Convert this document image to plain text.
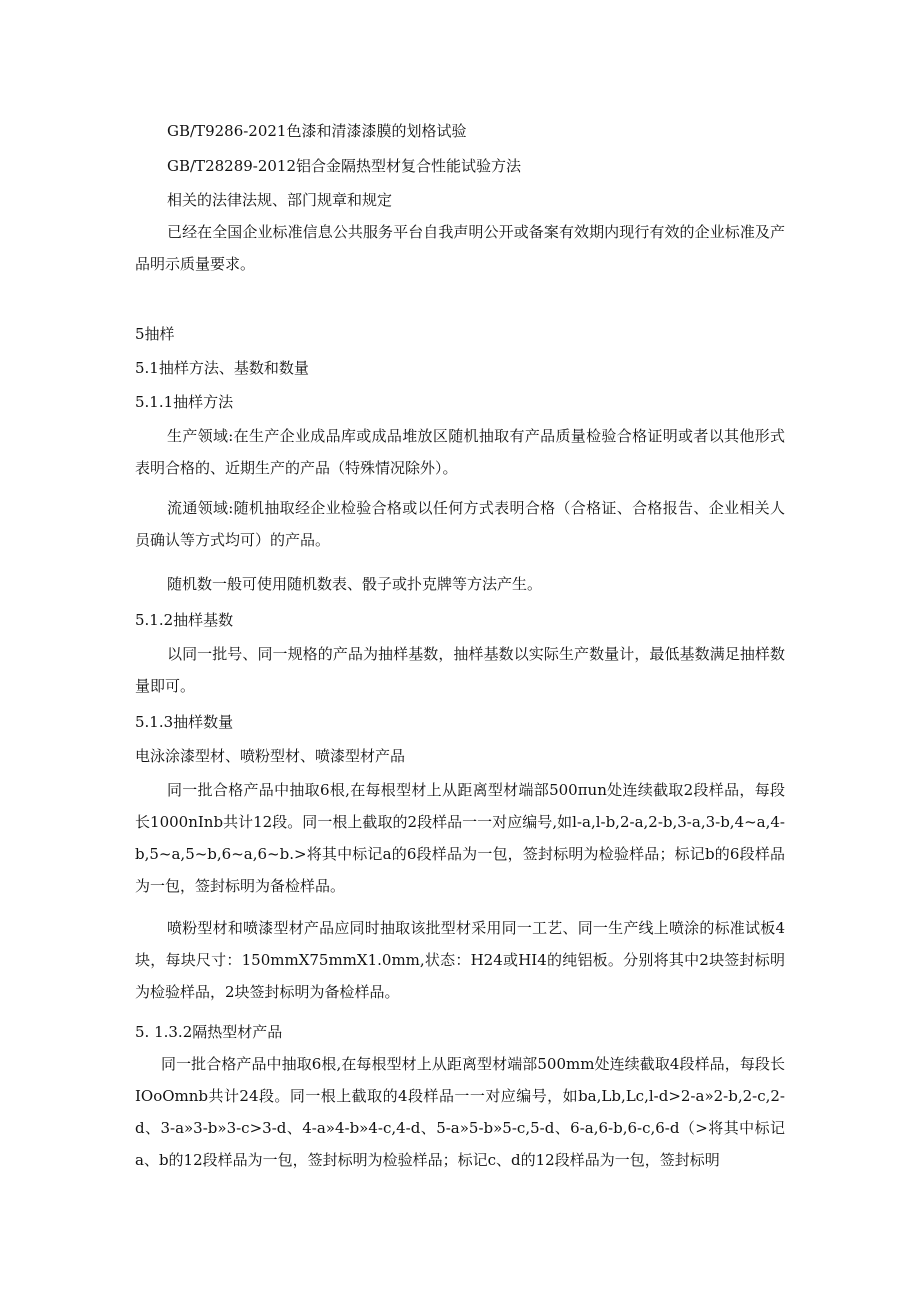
GB/T9286-2021色漆和清漆漆膜的划格试验

GB/T28289-2012铝合金隔热型材复合性能试验方法

相关的法律法规、部门规章和规定

已经在全国企业标准信息公共服务平台自我声明公开或备案有效期内现行有效的企业标准及产品明示质量要求。

5抽样

5.1抽样方法、基数和数量

5.1.1抽样方法

生产领域:在生产企业成品库或成品堆放区随机抽取有产品质量检验合格证明或者以其他形式表明合格的、近期生产的产品（特殊情况除外）。

流通领域:随机抽取经企业检验合格或以任何方式表明合格（合格证、合格报告、企业相关人员确认等方式均可）的产品。

随机数一般可使用随机数表、骰子或扑克牌等方法产生。

5.1.2抽样基数

以同一批号、同一规格的产品为抽样基数，抽样基数以实际生产数量计，最低基数满足抽样数量即可。

5.1.3抽样数量

电泳涂漆型材、喷粉型材、喷漆型材产品

同一批合格产品中抽取6根,在每根型材上从距离型材端部500πun处连续截取2段样品，每段长1000nInb共计12段。同一根上截取的2段样品一一对应编号,如l-a,l-b,2-a,2-b,3-a,3-b,4~a,4-b,5~a,5~b,6~a,6~b.>将其中标记a的6段样品为一包，签封标明为检验样品；标记b的6段样品为一包，签封标明为备检样品。

喷粉型材和喷漆型材产品应同时抽取该批型材采用同一工艺、同一生产线上喷涂的标准试板4块，每块尺寸：150mmX75mmX1.0mm,状态：H24或HI4的纯铝板。分别将其中2块签封标明为检验样品，2块签封标明为备检样品。

5. 1.3.2隔热型材产品

同一批合格产品中抽取6根,在每根型材上从距离型材端部500mm处连续截取4段样品，每段长IOoOmnb共计24段。同一根上截取的4段样品一一对应编号，如ba,Lb,Lc,l-d>2-a»2-b,2-c,2-d、3-a»3-b»3-c>3-d、4-a»4-b»4-c,4-d、5-a»5-b»5-c,5-d、6-a,6-b,6-c,6-d（>将其中标记a、b的12段样品为一包，签封标明为检验样品；标记c、d的12段样品为一包，签封标明
